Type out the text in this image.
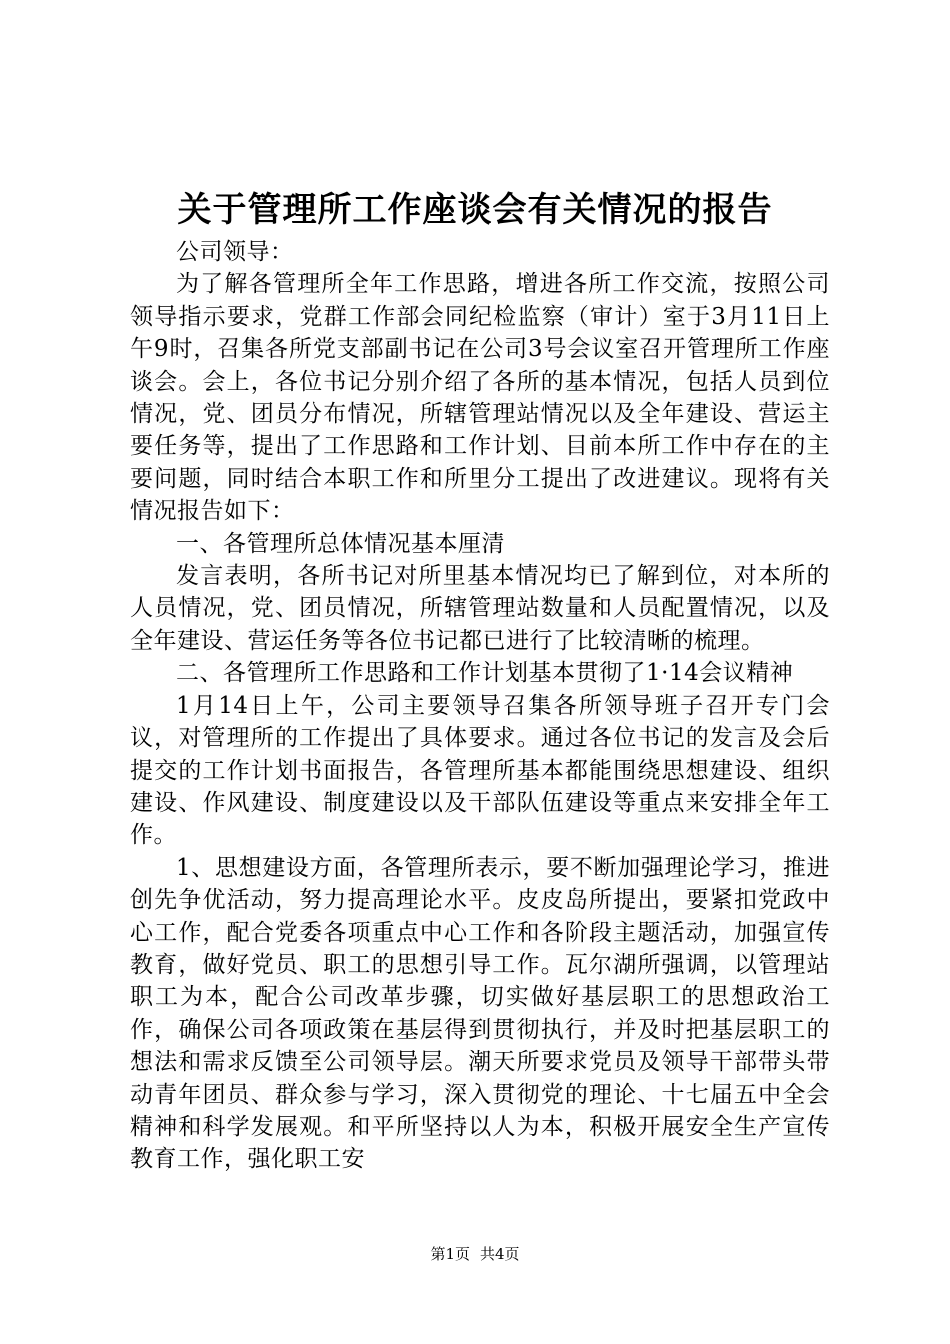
关于管理所工作座谈会有关情况的报告

公司领导：

为了解各管理所全年工作思路，增进各所工作交流，按照公司领导指示要求，党群工作部会同纪检监察（审计）室于3月11日上午9时，召集各所党支部副书记在公司3号会议室召开管理所工作座谈会。会上，各位书记分别介绍了各所的基本情况，包括人员到位情况，党、团员分布情况，所辖管理站情况以及全年建设、营运主要任务等，提出了工作思路和工作计划、目前本所工作中存在的主要问题，同时结合本职工作和所里分工提出了改进建议。现将有关情况报告如下：

一、各管理所总体情况基本厘清

发言表明，各所书记对所里基本情况均已了解到位，对本所的人员情况，党、团员情况，所辖管理站数量和人员配置情况，以及全年建设、营运任务等各位书记都已进行了比较清晰的梳理。

二、各管理所工作思路和工作计划基本贯彻了1·14会议精神

1月14日上午，公司主要领导召集各所领导班子召开专门会议，对管理所的工作提出了具体要求。通过各位书记的发言及会后提交的工作计划书面报告，各管理所基本都能围绕思想建设、组织建设、作风建设、制度建设以及干部队伍建设等重点来安排全年工作。

1、思想建设方面，各管理所表示，要不断加强理论学习，推进创先争优活动，努力提高理论水平。皮皮岛所提出，要紧扣党政中心工作，配合党委各项重点中心工作和各阶段主题活动，加强宣传教育，做好党员、职工的思想引导工作。瓦尔湖所强调，以管理站职工为本，配合公司改革步骤，切实做好基层职工的思想政治工作，确保公司各项政策在基层得到贯彻执行，并及时把基层职工的想法和需求反馈至公司领导层。潮天所要求党员及领导干部带头带动青年团员、群众参与学习，深入贯彻党的理论、十七届五中全会精神和科学发展观。和平所坚持以人为本，积极开展安全生产宣传教育工作，强化职工安

第1页 共4页
